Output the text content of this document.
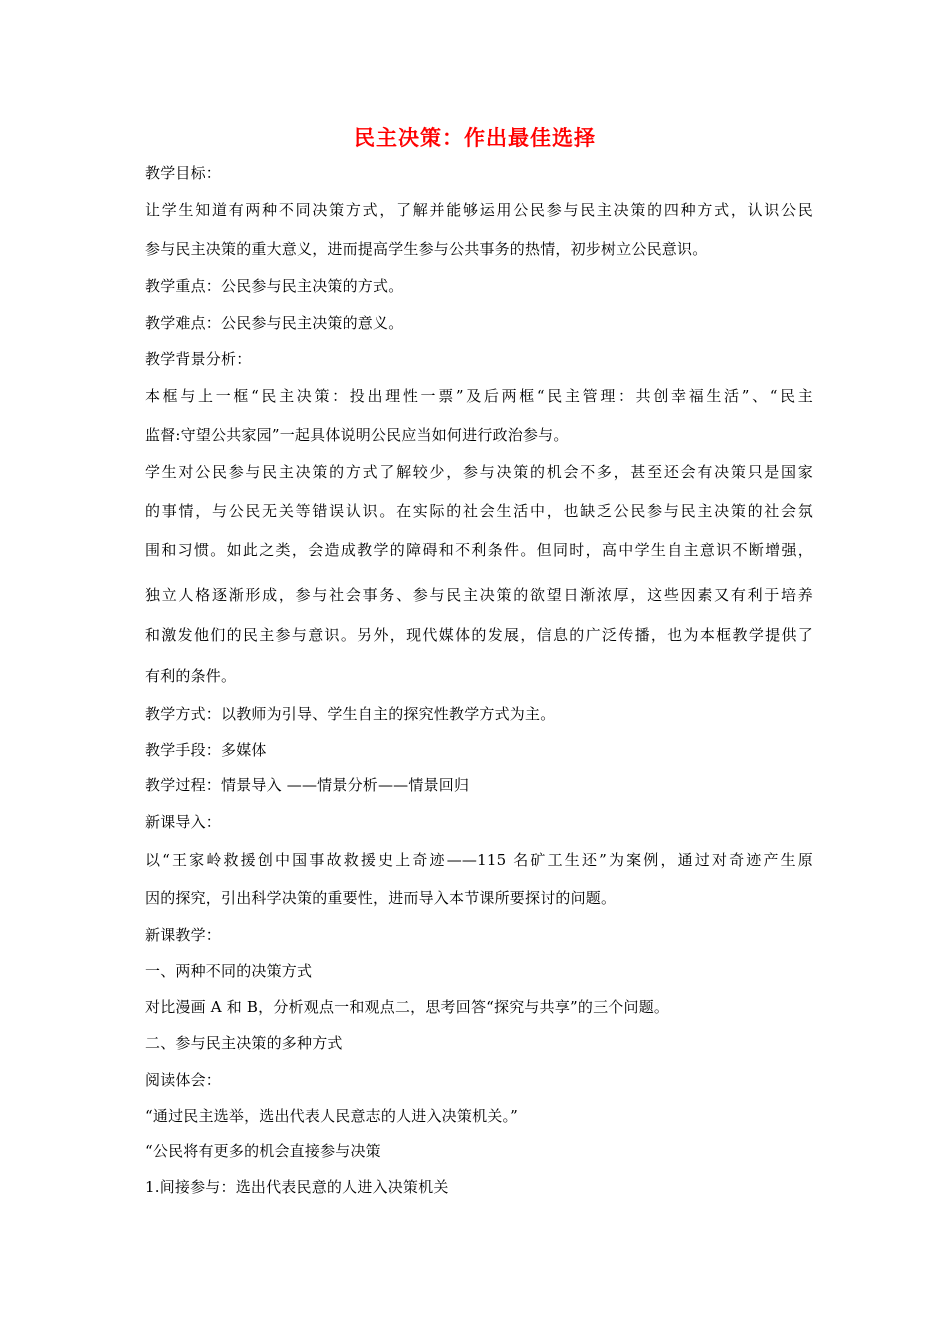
民主决策：作出最佳选择
教学目标：
让学生知道有两种不同决策方式，了解并能够运用公民参与民主决策的四种方式，认识公民
参与民主决策的重大意义，进而提高学生参与公共事务的热情，初步树立公民意识。
教学重点：公民参与民主决策的方式。
教学难点：公民参与民主决策的意义。
教学背景分析：
本框与上一框“民主决策：投出理性一票”及后两框“民主管理：共创幸福生活”、“民主
监督:守望公共家园”一起具体说明公民应当如何进行政治参与。
学生对公民参与民主决策的方式了解较少，参与决策的机会不多，甚至还会有决策只是国家
的事情，与公民无关等错误认识。在实际的社会生活中，也缺乏公民参与民主决策的社会氛
围和习惯。如此之类，会造成教学的障碍和不利条件。但同时，高中学生自主意识不断增强，
独立人格逐渐形成，参与社会事务、参与民主决策的欲望日渐浓厚，这些因素又有利于培养
和激发他们的民主参与意识。另外，现代媒体的发展，信息的广泛传播，也为本框教学提供了
有利的条件。
教学方式：以教师为引导、学生自主的探究性教学方式为主。
教学手段：多媒体
教学过程：情景导入 ——情景分析——情景回归
新课导入：
以“王家岭救援创中国事故救援史上奇迹——115 名矿工生还”为案例，通过对奇迹产生原
因的探究，引出科学决策的重要性，进而导入本节课所要探讨的问题。
新课教学：
一、两种不同的决策方式
对比漫画 A 和 B，分析观点一和观点二，思考回答“探究与共享”的三个问题。
二、参与民主决策的多种方式
阅读体会：
“通过民主选举，选出代表人民意志的人进入决策机关。”
“公民将有更多的机会直接参与决策
1.间接参与：选出代表民意的人进入决策机关
